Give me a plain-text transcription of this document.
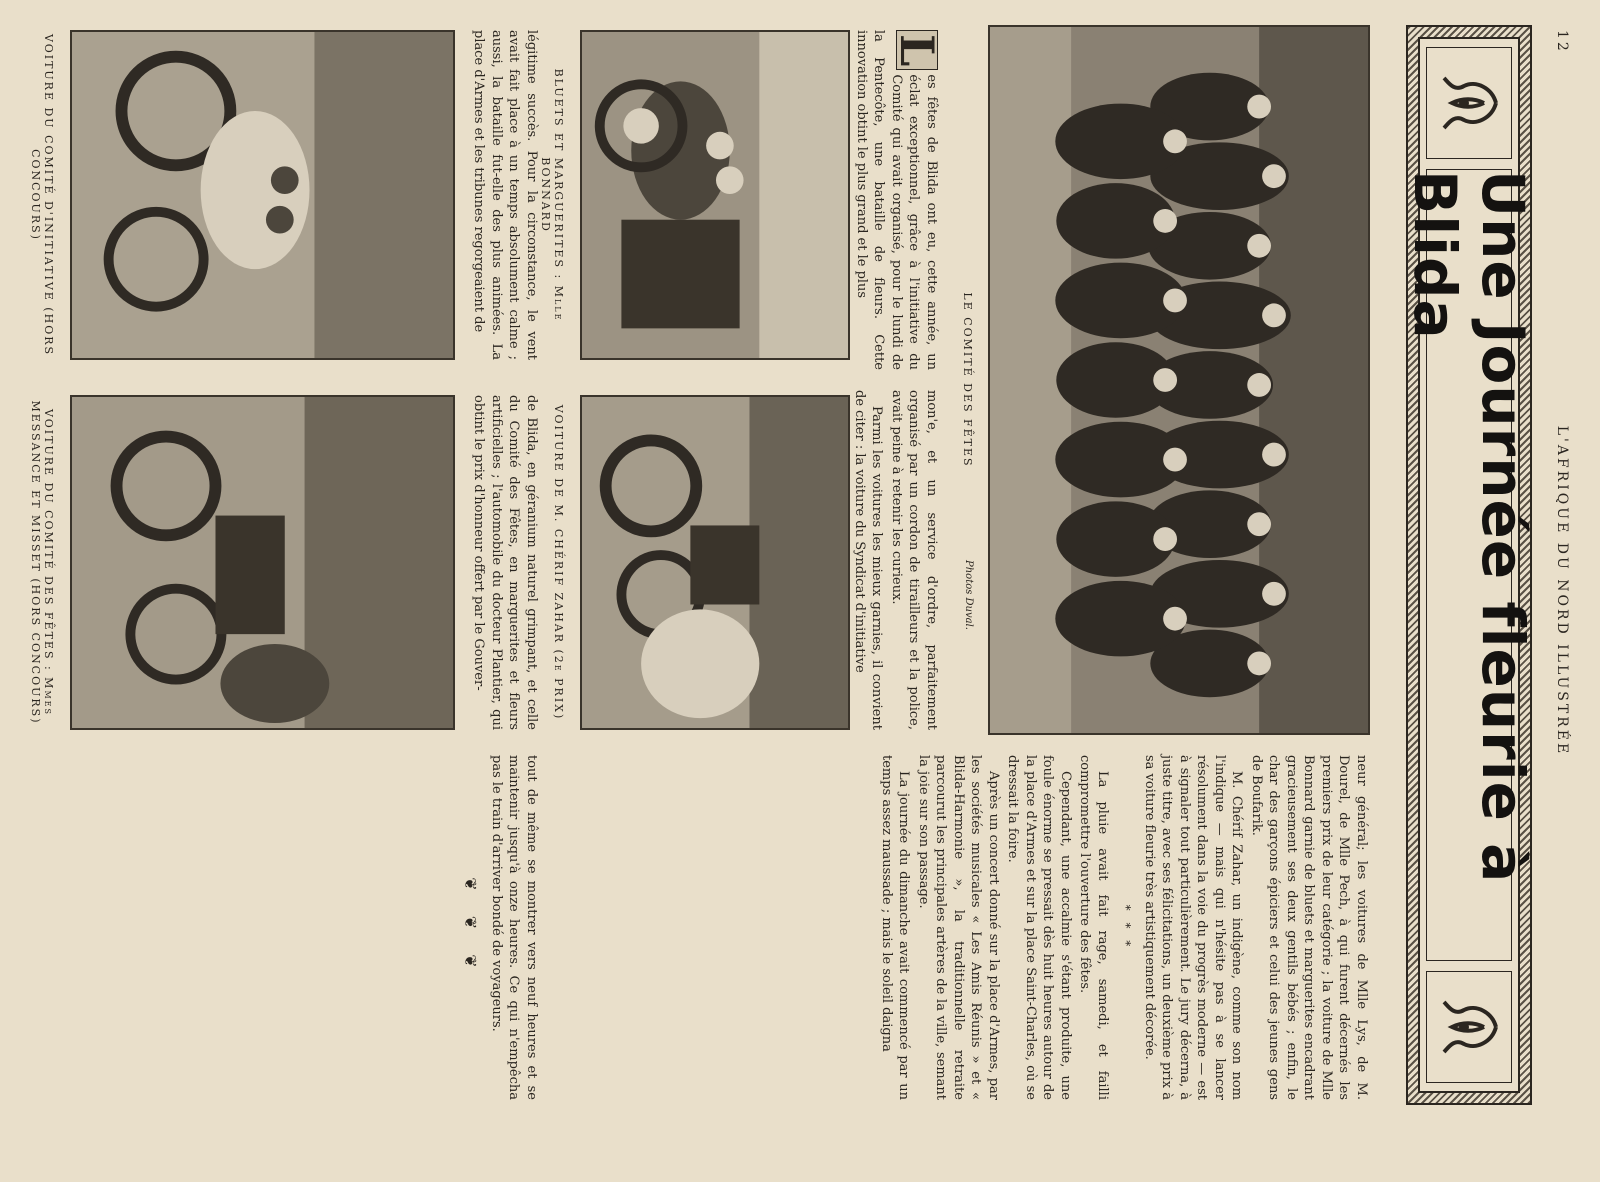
12
L'AFRIQUE DU NORD ILLUSTRÉE
Une Journée fleurie à Blida
LE COMITÉ DES FÊTES
Photos Duval.

neur général; les voitures de Mlle Lys, de M. Dourel, de Mlle Pech, à qui furent décernés les premiers prix de leur catégorie ; la voiture de Mlle Bonnard garnie de bluets et marguerites encadrant gracieusement ses deux gentils bébés ; enfin, le char des garçons épiciers et celui des jeunes gens de Boufarik.

M. Chérif Zahar, un indigène, comme son nom l'indique — mais qui n'hésite pas à se lancer résolument dans la voie du progrès moderne — est à signaler tout particulièrement. Le jury décerna, à juste titre, avec ses félicitations, un deuxième prix à sa voiture fleurie très artistiquement décorée.

* * *

La pluie avait fait rage, samedi, et failli compromettre l'ouverture des fêtes.

Cependant, une accalmie s'étant produite, une foule énorme se pressait dès huit heures autour de la place d'Armes et sur la place Saint-Charles, où se dressait la foire.

Après un concert donné sur la place d'Armes, par les sociétés musicales « Les Amis Réunis » et « Blida-Harmonie », la traditionnelle retraite parcourut les principales artères de la ville, semant la joie sur son passage.

La journée du dimanche avait commencé par un temps assez maussade ; mais le soleil daigna

L
es fêtes de Blida ont eu, cette année, un éclat exceptionnel, grâce à l'initiative du Comité qui avait organisé, pour le lundi de la Pentecôte, une bataille de fleurs. Cette innovation obtint le plus grand et le plus

mon'e, et un service d'ordre, parfaitement organisé par un cordon de tirailleurs et la police, avait peine à retenir les curieux.

Parmi les voitures les mieux garnies, il convient de citer : la voiture du Syndicat d'initiative

BLUETS ET MARGUERITES : Mlle BONNARD
VOITURE DE M. CHÉRIF ZAHAR (2e PRIX)

légitime succès. Pour la circonstance, le vent avait fait place à un temps absolument calme ; aussi, la bataille fut-elle des plus animées. La place d'Armes et les tribunes regorgeaient de

de Blida, en géranium naturel grimpant, et celle du Comité des Fêtes, en marguerites et fleurs artificielles ; l'automobile du docteur Plantier, qui obtint le prix d'honneur offert par le Gouver-

tout de même se montrer vers neuf heures et se maintenir jusqu'à onze heures. Ce qui n'empêcha pas le train d'arriver bondé de voyageurs.

❦ ❦ ❦
VOITURE DU COMITÉ D'INITIATIVE (HORS CONCOURS)
VOITURE DU COMITÉ DES FÊTES : Mmes MESSANCE ET MISSET (HORS CONCOURS)
